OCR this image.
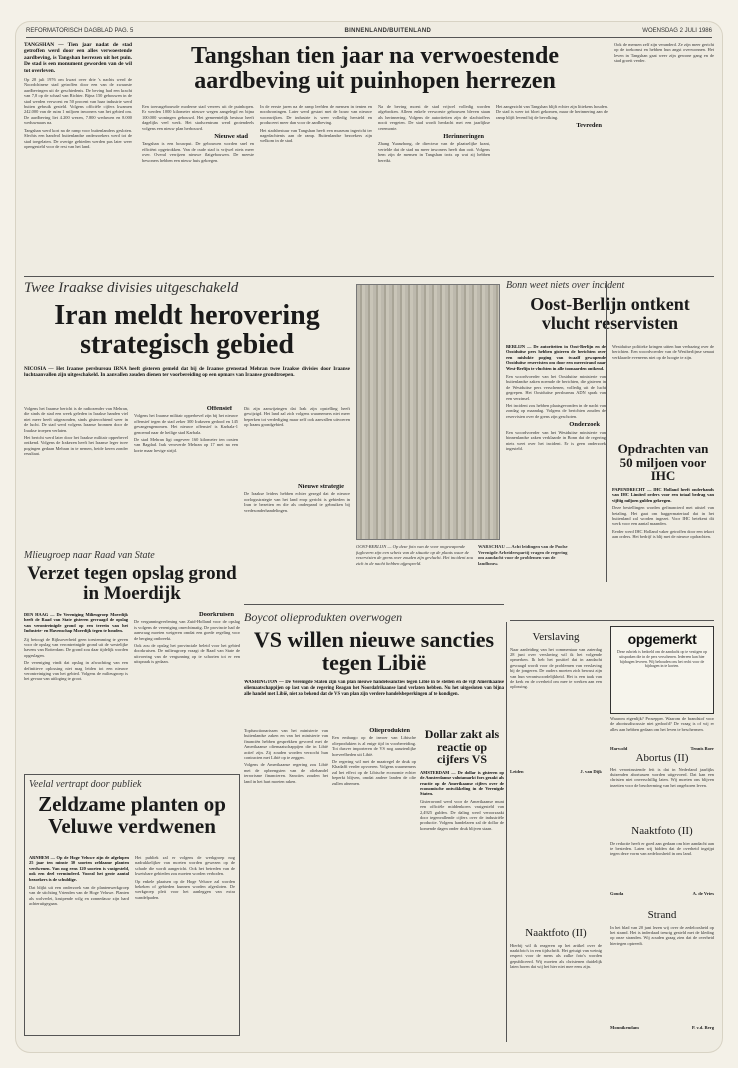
REFORMATORISCH DAGBLAD PAG. 5	BINNENLAND/BUITENLAND	WOENSDAG 2 JULI 1986

TANGSHAN — Tien jaar nadat de stad getroffen werd door een alles verwoestende aardbeving, is Tangshan herrezen uit het puin. De stad is een monument geworden van de wil tot overleven.

Op 28 juli 1976 om kwart over drie 's nachts werd de Noordchinese stad getroffen door een van de zwaarste aardbevingen uit de geschiedenis. De beving had een kracht van 7,8 op de schaal van Richter. Bijna 150 gebouwen in de stad werden verwoest en 50 procent van haar industrie werd buiten gebruik gesteld. Volgens officiële cijfers kwamen 242.000 van de ruim 1 miljoen inwoners van het gebied om. De aardbeving liet 4.200 wezen, 7.800 weduwen en 8.000 weduwnaars na.

Tangshan werd kort na de ramp voor buitenlanders gesloten. Slechts een handvol buitenlandse onderzoekers werd tot de stad toegelaten. De overige gebieden werden pas later weer opengesteld voor de rest van het land.

Tangshan tien jaar na verwoestende aardbeving uit puinhopen herrezen

Een toerusgebouwde moderne stad verrees uit de puinhopen. Er werden 1000 kilometer nieuwe wegen aangelegd en bijna 100.000 woningen gebouwd. Het gemeentelijk bestuur heeft dagelijks veel werk. Het stadscentrum werd grotendeels volgens een nieuw plan herbouwd.

Nieuwe stad

Tangshan is een bouwput. De gebouwen worden snel en efficiënt opgetrokken. Van de oude stad is vrijwel niets meer over. Overal verrijzen nieuwe flatgebouwen. De meeste bewoners hebben een nieuw huis gekregen.

In de eerste jaren na de ramp leefden de mensen in tenten en noodwoningen. Later werd gestart met de bouw van nieuwe woonwijken. De industrie is weer volledig hersteld en produceert meer dan voor de aardbeving.

Het stadsbestuur van Tangshan heeft een museum ingericht ter nagedachtenis aan de ramp. Buitenlandse bezoekers zijn welkom in de stad.

Na de beving moest de stad vrijwel volledig worden afgebroken. Alleen enkele verwoeste gebouwen bleven staan als herinnering. Volgens de autoriteiten zijn de slachtoffers nooit vergeten. De stad wordt herdacht met een jaarlijkse ceremonie.

Herinneringen

Zhang Yuanzhong, de directeur van de plaatselijke krant, vertelde dat de stad nu meer inwoners heeft dan ooit. Volgens hem zijn de mensen in Tangshan trots op wat zij hebben bereikt.

Het aangezicht van Tangshan blijft echter zijn littekens houden. De stad is weer tot bloei gekomen, maar de herinnering aan de ramp blijft levend bij de bevolking.

Tevreden

Ook de mensen zelf zijn veranderd. Ze zijn meer gericht op de toekomst en hebben hun angst overwonnen. Het leven in Tangshan gaat weer zijn gewone gang en de stad groeit verder.

Twee Iraakse divisies uitgeschakeld
Iran meldt herovering strategisch gebied

NICOSIA — Het Iraanse persbureau IRNA heeft gisteren gemeld dat bij de Iraanse grensstad Mehran twee Iraakse divisies door Iraanse luchtaanvallen zijn uitgeschakeld. In aanvallen zouden dienen ter voorbereiding op een opmars van Iraanse grondtroepen.

Volgens het Iraanse bericht is de radiozender van Mehran, die sinds de stad een week geleden in Iraakse handen viel niet meer heeft uitgezonden, sinds gisterochtend weer in de lucht. De stad werd volgens Iraanse bronnen door de Iraakse troepen verlaten.

Het bericht werd later door het Iraakse militair opperbevel ontkend. Volgens de Irakezen heeft het Iraanse leger twee pogingen gedaan Mehran in te nemen, beide keren zonder resultaat.

Offensief

Volgens het Iraanse militair opperbevel zijn bij het nieuwe offensief tegen de stad zeker 300 Irakezen gedood en 145 gevangengenomen. Het nieuwe offensief is Karbala-1 genoemd naar de heilige stad Karbala.

De stad Mehran ligt ongeveer 160 kilometer ten oosten van Bagdad. Irak veroverde Mehran op 17 mei na een korte maar hevige strijd.

Dit zijn aanwijzingen dat Irak zijn opstelling heeft gewijzigd. Het land zal zich volgens waarnemers niet meer beperken tot verdediging maar zelf ook aanvallen uitvoeren op Iraans grondgebied.

Nieuwe strategie

De Iraakse leiders hebben echter gezegd dat de nieuwe oorlogsstrategie van het land erop gericht is gebieden in Iran te bezetten en die als onderpand te gebruiken bij vredesonderhandelingen.

OOST-BERLIJN — Op deze foto van de voor ongewapende fuglovern zijn een schets van de situatie op de plaats waar de reservisten de grens over zouden zijn gevlucht. Het incident zou zich in de nacht hebben afgespeeld.

WARSCHAU — Acht leidingen van de Poolse Verenigde Arbeiderspartij vragen de regering om aandacht voor de problemen van de landbouw.

Bonn weet niets over incident
Oost-Berlijn ontkent vlucht reservisten

BERLIJN — De autoriteiten in Oost-Berlijn en de Oostduitse pers hebben gisteren de berichten over een mislukte poging van twaalf gewapende Oostduitse reservisten om door een meerstrand naar West-Berlijn te vluchten in alle toonaarden ontkend.

Een woordvoerder van het Oostduitse ministerie van buitenlandse zaken noemde de berichten, die gisteren in de Westduitse pers verschenen, volledig uit de lucht gegrepen. Het Oostduitse persbureau ADN sprak van een verzinsel.

Het incident zou hebben plaatsgevonden in de nacht van zondag op maandag. Volgens de berichten zouden de reservisten over de grens zijn geschoten.

Onderzoek

Een woordvoerder van het Westduitse ministerie van binnenlandse zaken verklaarde in Bonn dat de regering niets weet over het incident. Er is geen onderzoek ingesteld.

Westduitse politieke kringen uitten hun verbazing over de berichten. Een woordvoerder van de Westberlijnse senaat verklaarde eveneens niet op de hoogte te zijn.

Opdrachten van 50 miljoen voor IHC

PAPENDRECHT — IHC Holland heeft onderhands van IHC Limited orders voor een totaal bedrag van vijftig miljoen gulden gekregen.

Deze bestellingen worden gefinancierd met uitstel van betaling. Het gaat om baggermateriaal dat in het buitenland zal worden ingezet. Voor IHC betekent dit werk voor een aantal maanden.

Eerder werd IHC Holland vaker getroffen door een tekort aan orders. Het bedrijf is blij met de nieuwe opdrachten.

Mlieugroep naar Raad van State
Verzet tegen opslag grond in Moerdijk

DEN HAAG — De Vereniging Milieugroep Moerdijk heeft de Raad van State gisteren gevraagd de opslag van verontreinigde grond op een terrein van het Industrie- en Havenschap Moerdijk tegen te houden.

Zij betoogt de Rijksoverheid geen toestemming te geven voor de opslag van verontreinigde grond uit de westelijke havens van Rotterdam. De grond zou daar tijdelijk worden opgeslagen.

De vereniging vindt dat opslag in afwachting van een definitieve oplossing niet mag leiden tot een nieuwe verontreiniging van het gebied. Volgens de milieugroep is het gevaar van uitloging te groot.

Doorkruisen

De vergunningverlening van Zuid-Holland voor de opslag is volgens de vereniging onrechtmatig. De provincie had de aanvraag moeten weigeren omdat een goede regeling voor de berging ontbreekt.

Ook zou de opslag het provinciale beleid voor het gebied doorkruisen. De milieugroep vraagt de Raad van State de uitvoering van de vergunning op te schorten tot er een uitspraak is gedaan.

Boycot olieprodukten overwogen
VS willen nieuwe sancties tegen Libië

WASHINGTON — De Verenigde Staten zijn van plan nieuwe handelssancties tegen Libië in te stellen en de vijf Amerikaanse oliemaatschappijen op last van de regering Reagan het Noordafrikaanse land verlaten hebben. Nu het uitgesloten van bijna alle handel met Libië, niet zo bekend dat de VS van plan zijn verdere handelsbeperkingen af te kondigen.

Topfunctionarissen van het ministerie van buitenlandse zaken en van het ministerie van financiën hebben gesprekken gevoerd met de Amerikaanse oliemaatschappijen die in Libië actief zijn. Zij zouden worden verzocht hun contracten met Libië op te zeggen.

Volgens de Amerikaanse regering zou Libië met de opbrengsten van de oliehandel terrorisme financieren. Sancties zouden het land in het hart moeten raken.

Olieprodukten

Een embargo op de invoer van Libische olieprodukten is al enige tijd in voorbereiding. Tot dusver importeren de VS nog aanzienlijke hoeveelheden uit Libië.

De regering wil met de maatregel de druk op Khadaffi verder opvoeren. Volgens waarnemers zal het effect op de Libische economie echter beperkt blijven, omdat andere landen de olie zullen afnemen.

Dollar zakt als reactie op cijfers VS

AMSTERDAM — De dollar is gisteren op de Amsterdamse valutamarkt fors gezakt als reactie op de Amerikaanse cijfers over de economische ontwikkeling in de Verenigde Staten.

Gisteravond werd voor de Amerikaanse munt een officiële middenkoers vastgesteld van 2,4925 gulden. De daling werd veroorzaakt door tegenvallende cijfers over de industriële productie. Volgens handelaren zal de dollar de komende dagen onder druk blijven staan.

Veelal vertrapt door publiek
Zeldzame planten op Veluwe verdwenen

ARNHEM — Op de Hoge Veluwe zijn de afgelopen 25 jaar ten minste 30 soorten zeldzame planten verdwenen. Van nog eens 120 soorten is vastgesteld, ook een deel verminderd. Vooral het grote aantal bezoekers is de schuldige.

Dat blijkt uit een onderzoek van de plantenwerkgroep van de stichting Vrienden van de Hoge Veluwe. Planten als wolverlei, kruipende wilg en zonnedauw zijn hard achteruitgegaan.

Het publiek zal er volgens de werkgroep nog nadrukkelijker van moeten worden gewezen op de schade die wordt aangericht. Ook het betreden van de kwetsbare gebieden zou moeten worden verboden.

Op enkele plaatsen op de Hoge Veluwe zal worden bekeken of gebieden kunnen worden afgesloten. De werkgroep pleit voor het aanleggen van extra wandelpaden.

Verslaving

Naar aanleiding van het commentaar van zaterdag 28 juni over verslaving wil ik het volgende opmerken. Ik heb het positief dat in aandacht gevraagd wordt voor de problemen van verslaving bij de jongeren. De ouders moeten zich bewust zijn van hun verantwoordelijkheid. Het is een taak van de kerk en de overheid om mee te werken aan een oplossing.

Leiden	J. van Dijk
opgemerkt

Deze rubriek is bedoeld om de aandacht op te vestigen op uitspraken die in de pers verschenen. Iedereen kan hier bijdragen leveren. Wij behouden ons het recht voor de bijdragen in te korten.

Naaktfoto (II)

Hierbij wil ik reageren op het artikel over de naaktfoto's in een tijdschrift. Het getuigt van weinig respect voor de mens als zulke foto's worden gepubliceerd. Wij moeten als christenen duidelijk laten horen dat wij het hier niet mee eens zijn.

Naaktfoto (II)

De redactie heeft er goed aan gedaan om hier aandacht aan te besteden. Laten wij bidden dat de overheid ingrijpt tegen deze vorm van zedeloosheid in ons land.

Gouda	A. de Vries

Waarom eigenlijk? Prosepper. Waarom de brandstof voor de abortusdiscussie niet gedoofd? De vraag is of wij er alles aan hebben gedaan om het leven te beschermen.

Harwold	Tennis Boer
Abortus (II)

Het verontrustende feit is dat in Nederland jaarlijks duizenden abortussen worden uitgevoerd. Dat kan een christen niet onverschillig laten. Wij moeten ons blijven inzetten voor de bescherming van het ongeboren leven.

Strand

In het blad van 20 juni lezen wij over de zedeloosheid op het strand. Het is inderdaad treurig gesteld met de kleding op onze stranden. Wij zouden graag zien dat de overheid hiertegen optreedt.

Monnikendam	P. v.d. Berg
